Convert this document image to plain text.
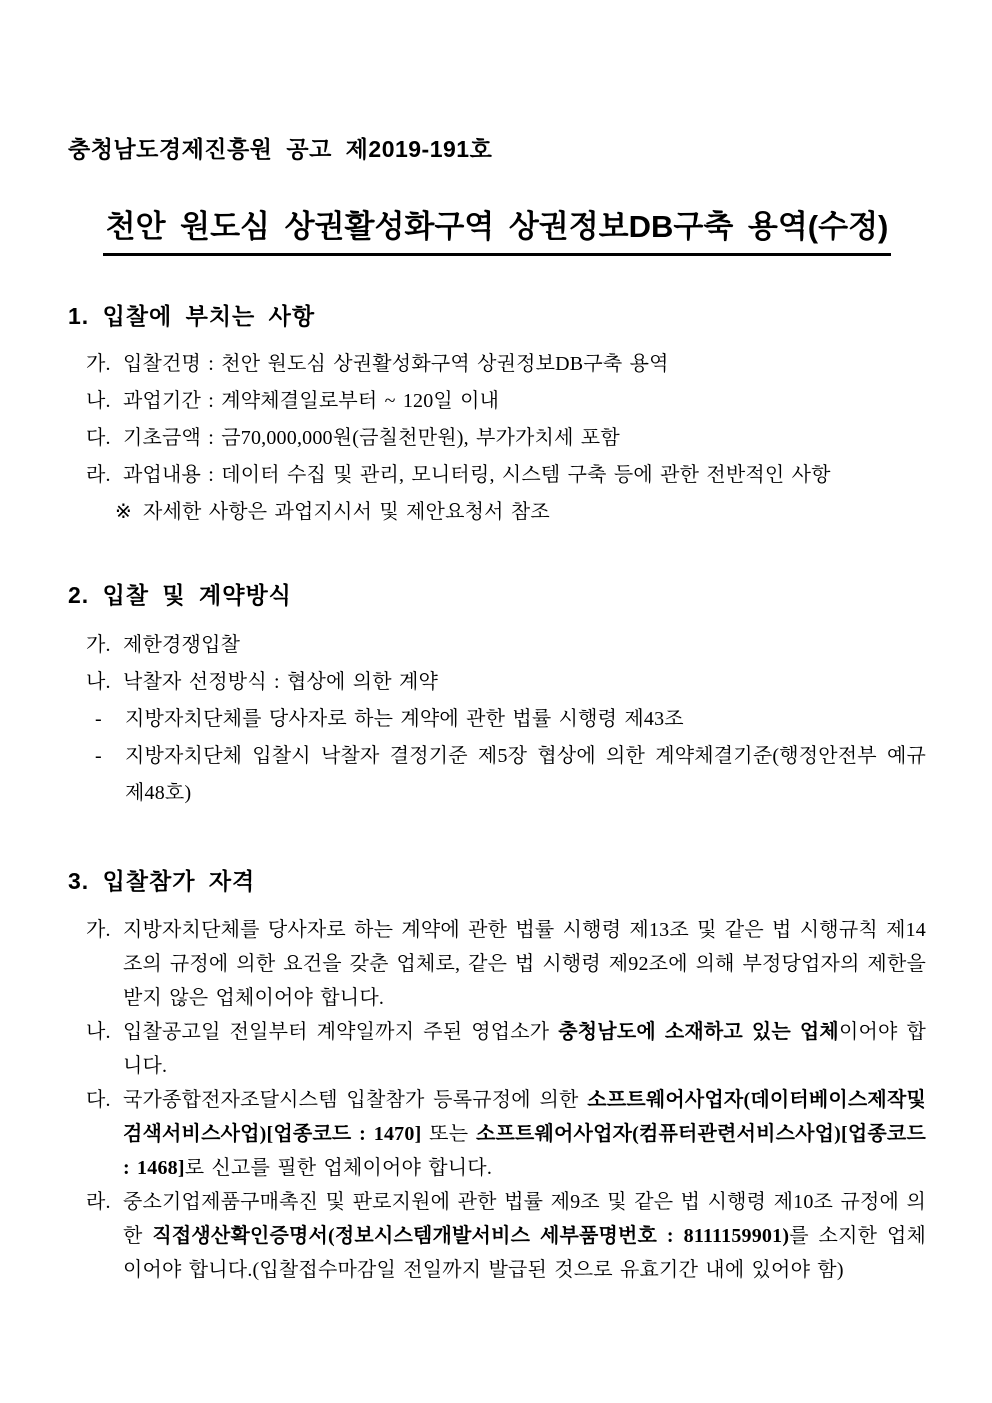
충청남도경제진흥원 공고 제2019-191호
천안 원도심 상권활성화구역 상권정보DB구축 용역(수정)
1. 입찰에 부치는 사항

가. 입찰건명 : 천안 원도심 상권활성화구역 상권정보DB구축 용역

나. 과업기간 : 계약체결일로부터 ~ 120일 이내

다. 기초금액 : 금70,000,000원(금칠천만원), 부가가치세 포함

라. 과업내용 : 데이터 수집 및 관리, 모니터링, 시스템 구축 등에 관한 전반적인 사항

※ 자세한 사항은 과업지시서 및 제안요청서 참조

2. 입찰 및 계약방식

가. 제한경쟁입찰

나. 낙찰자 선정방식 : 협상에 의한 계약

- 지방자치단체를 당사자로 하는 계약에 관한 법률 시행령 제43조

- 지방자치단체 입찰시 낙찰자 결정기준 제5장 협상에 의한 계약체결기준(행정안전부 예규 제48호)

3. 입찰참가 자격

가. 지방자치단체를 당사자로 하는 계약에 관한 법률 시행령 제13조 및 같은 법 시행규칙 제14조의 규정에 의한 요건을 갖춘 업체로, 같은 법 시행령 제92조에 의해 부정당업자의 제한을 받지 않은 업체이어야 합니다.

나. 입찰공고일 전일부터 계약일까지 주된 영업소가 충청남도에 소재하고 있는 업체이어야 합니다.

다. 국가종합전자조달시스템 입찰참가 등록규정에 의한 소프트웨어사업자(데이터베이스제작및검색서비스사업)[업종코드 : 1470] 또는 소프트웨어사업자(컴퓨터관련서비스사업)[업종코드 : 1468]로 신고를 필한 업체이어야 합니다.

라. 중소기업제품구매촉진 및 판로지원에 관한 법률 제9조 및 같은 법 시행령 제10조 규정에 의한 직접생산확인증명서(정보시스템개발서비스 세부품명번호 : 8111159901)를 소지한 업체이어야 합니다.(입찰접수마감일 전일까지 발급된 것으로 유효기간 내에 있어야 함)
